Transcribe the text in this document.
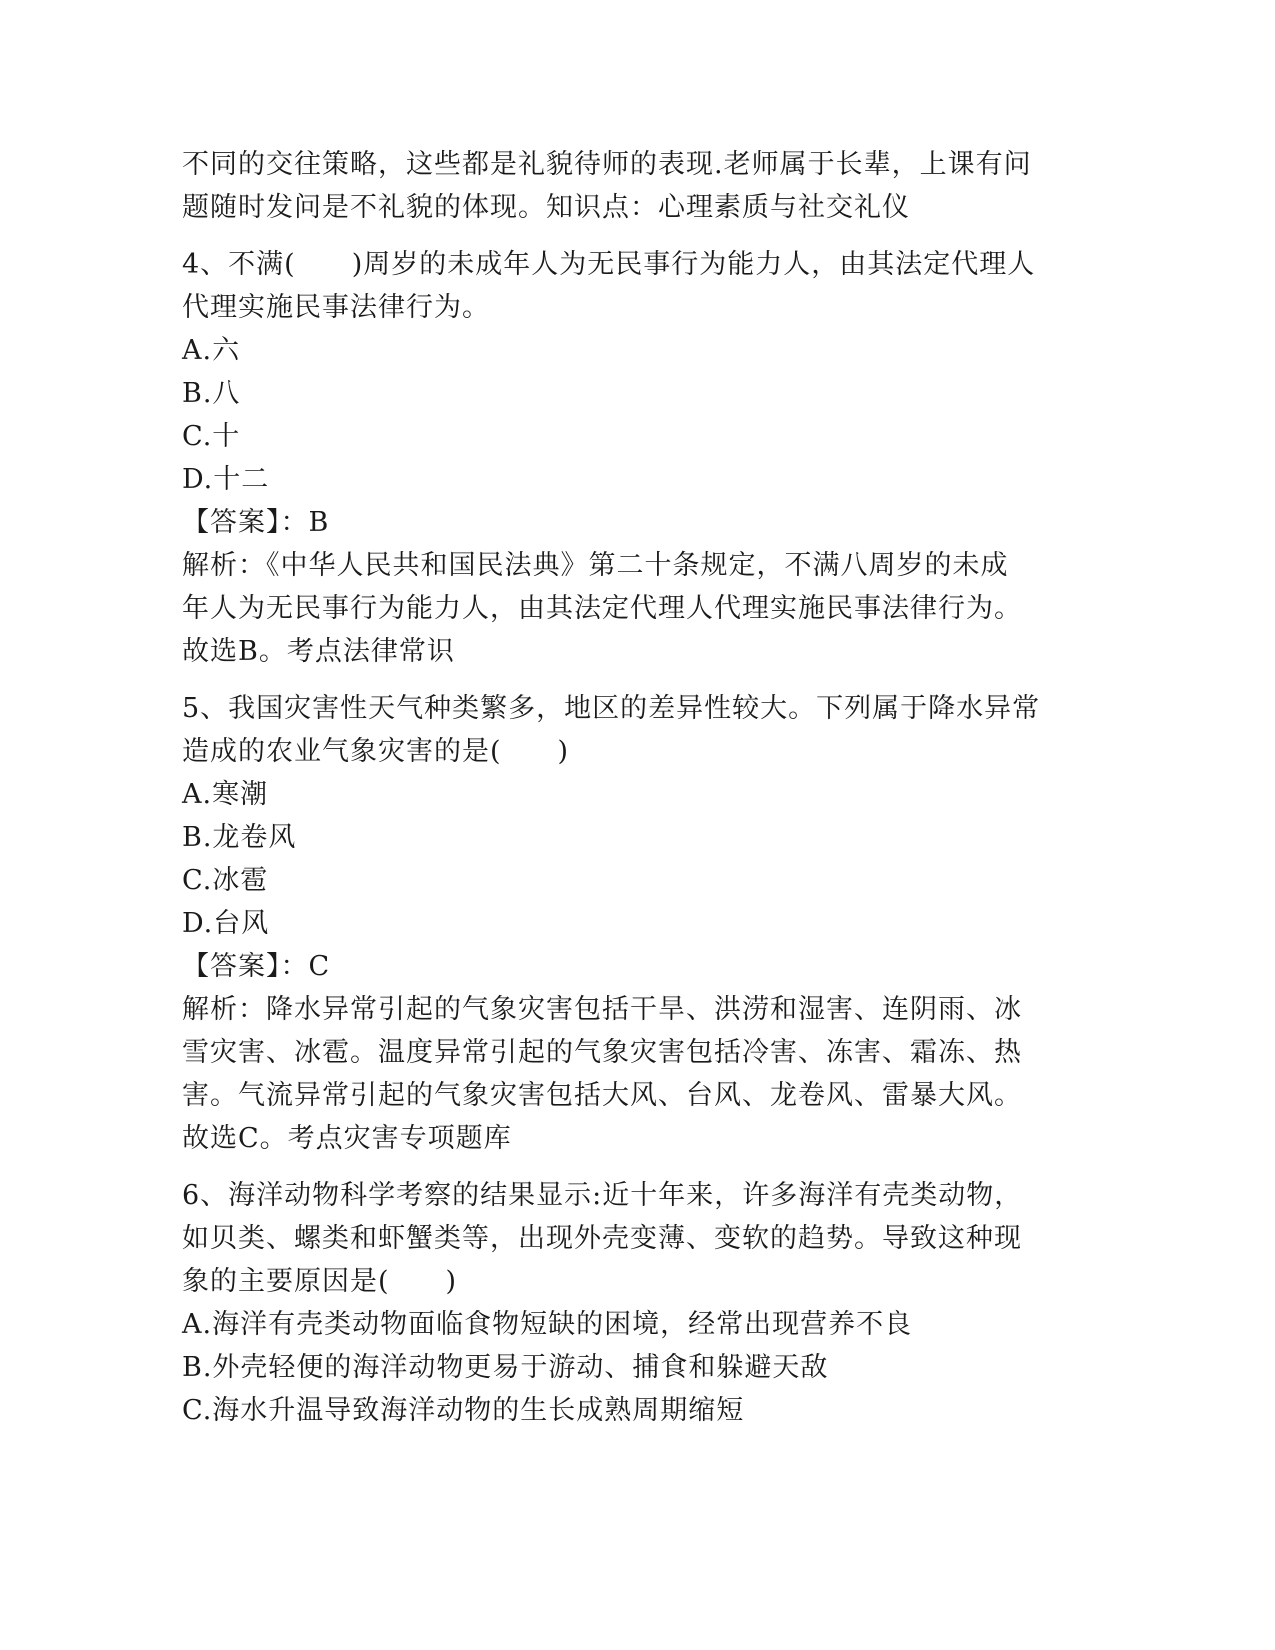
不同的交往策略，这些都是礼貌待师的表现.老师属于长辈，上课有问
题随时发问是不礼貌的体现。知识点：心理素质与社交礼仪
4、不满(　　)周岁的未成年人为无民事行为能力人，由其法定代理人
代理实施民事法律行为。
A.六
B.八
C.十
D.十二
【答案】：B
解析：《中华人民共和国民法典》第二十条规定，不满八周岁的未成
年人为无民事行为能力人，由其法定代理人代理实施民事法律行为。
故选B。考点法律常识
5、我国灾害性天气种类繁多，地区的差异性较大。下列属于降水异常
造成的农业气象灾害的是(　　)
A.寒潮
B.龙卷风
C.冰雹
D.台风
【答案】：C
解析：降水异常引起的气象灾害包括干旱、洪涝和湿害、连阴雨、冰
雪灾害、冰雹。温度异常引起的气象灾害包括冷害、冻害、霜冻、热
害。气流异常引起的气象灾害包括大风、台风、龙卷风、雷暴大风。
故选C。考点灾害专项题库
6、海洋动物科学考察的结果显示:近十年来，许多海洋有壳类动物，
如贝类、螺类和虾蟹类等，出现外壳变薄、变软的趋势。导致这种现
象的主要原因是(　　)
A.海洋有壳类动物面临食物短缺的困境，经常出现营养不良
B.外壳轻便的海洋动物更易于游动、捕食和躲避天敌
C.海水升温导致海洋动物的生长成熟周期缩短
